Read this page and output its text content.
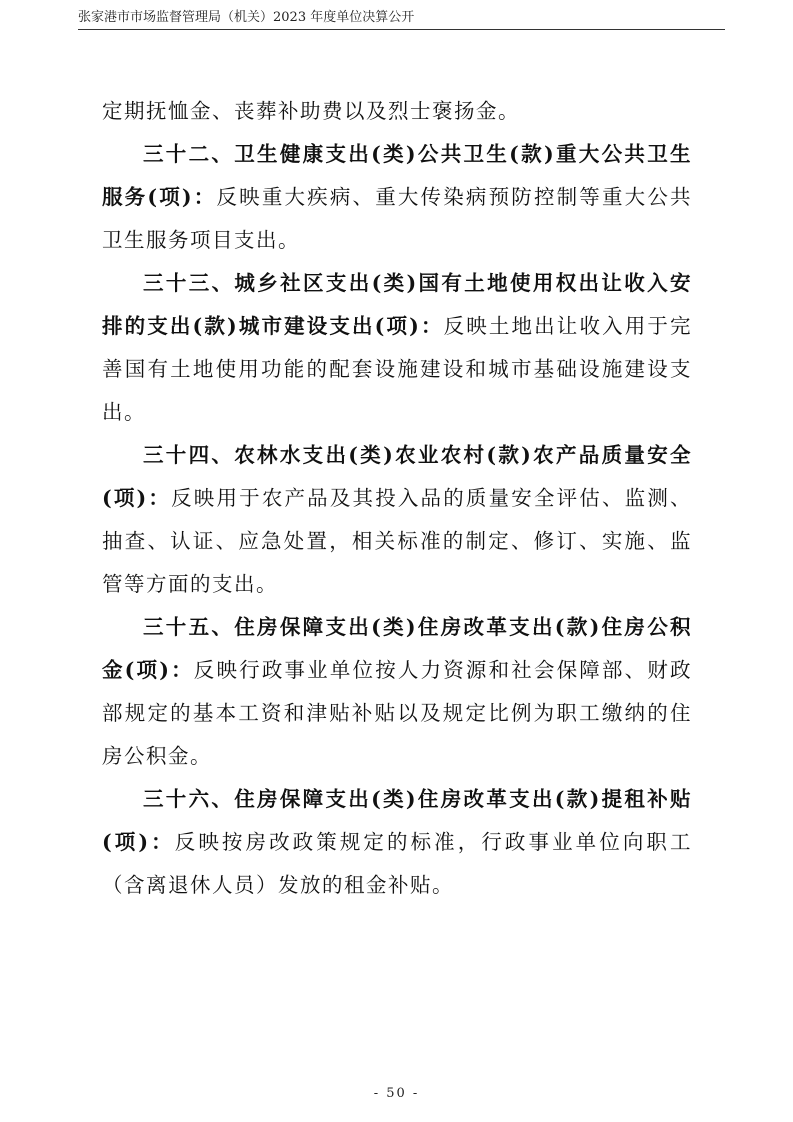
张家港市市场监督管理局（机关）2023 年度单位决算公开

定期抚恤金、丧葬补助费以及烈士褒扬金。

三十二、卫生健康支出(类)公共卫生(款)重大公共卫生服务(项)：反映重大疾病、重大传染病预防控制等重大公共卫生服务项目支出。

三十三、城乡社区支出(类)国有土地使用权出让收入安排的支出(款)城市建设支出(项)：反映土地出让收入用于完善国有土地使用功能的配套设施建设和城市基础设施建设支出。

三十四、农林水支出(类)农业农村(款)农产品质量安全(项)：反映用于农产品及其投入品的质量安全评估、监测、抽查、认证、应急处置，相关标准的制定、修订、实施、监管等方面的支出。

三十五、住房保障支出(类)住房改革支出(款)住房公积金(项)：反映行政事业单位按人力资源和社会保障部、财政部规定的基本工资和津贴补贴以及规定比例为职工缴纳的住房公积金。

三十六、住房保障支出(类)住房改革支出(款)提租补贴(项)：反映按房改政策规定的标准，行政事业单位向职工（含离退休人员）发放的租金补贴。

- 50 -
